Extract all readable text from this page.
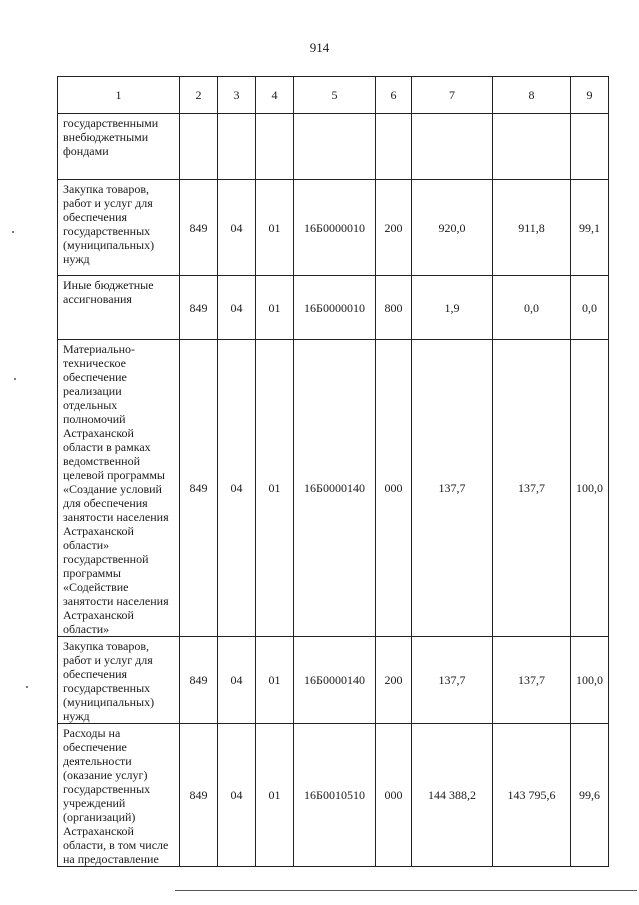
914
1	2	3	4	5	6	7	8	9
государственными внебюджетными фондами								
Закупка товаров, работ и услуг для обеспечения государственных (муниципальных) нужд	849	04	01	16Б0000010	200	920,0	911,8	99,1
Иные бюджетные ассигнования	849	04	01	16Б0000010	800	1,9	0,0	0,0
Материально-техническое обеспечение реализации отдельных полномочий Астраханской области в рамках ведомственной целевой программы «Создание условий для обеспечения занятости населения Астраханской области» государственной программы «Содействие занятости населения Астраханской области»	849	04	01	16Б0000140	000	137,7	137,7	100,0
Закупка товаров, работ и услуг для обеспечения государственных (муниципальных) нужд	849	04	01	16Б0000140	200	137,7	137,7	100,0
Расходы на обеспечение деятельности (оказание услуг) государственных учреждений (организаций) Астраханской области, в том числе на предоставление	849	04	01	16Б0010510	000	144 388,2	143 795,6	99,6
